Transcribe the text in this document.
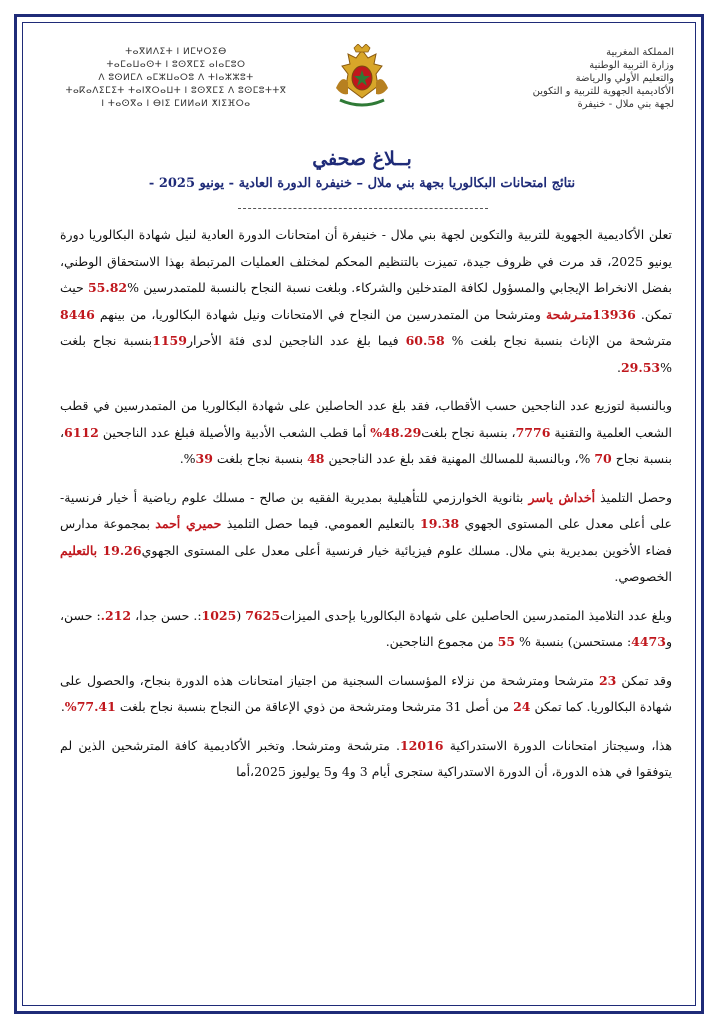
ⵜⴰⴳⵍⴷⵉⵜ ⵏ ⵍⵎⵖⵔⵉⴱ
ⵜⴰⵎⴰⵡⴰⵙⵜ ⵏ ⵓⵙⴳⵎⵉ ⴰⵏⴰⵎⵓⵔ
ⴷ ⵓⵙⵍⵎⴷ ⴰⵎⵣⵡⴰⵔⵓ ⴷ ⵜⵏⴰⵣⵣⵓⵜ
ⵜⴰⴽⴰⴷⵉⵎⵉⵜ ⵜⴰⵏⴳⵔⴰⵡⵜ ⵏ ⵓⵙⴳⵎⵉ ⴷ ⵓⵙⵎⵓⵜⵜⴳ
ⵏ ⵜⴰⵙⴳⴰ ⵏ ⴱⵏⵉ ⵎⵍⵍⴰⵍ ⵅⵏⵉⴼⵔⴰ
المملكة المغربية
وزارة التربية الوطنية
والتعليم الأولي والرياضة
الأكاديمية الجهوية للتربية و التكوين
لجهة بني ملال - خنيفرة
بــلاغ صحفي
نتائج امتحانات البكالوريا بجهة بني ملال – خنيفرة الدورة العادية - يونيو 2025 -

تعلن الأكاديمية الجهوية للتربية والتكوين لجهة بني ملال - خنيفرة أن امتحانات الدورة العادية لنيل شهادة البكالوريا دورة يونيو 2025، قد مرت في ظروف جيدة، تميزت بالتنظيم المحكم لمختلف العمليات المرتبطة بهذا الاستحقاق الوطني، بفضل الانخراط الإيجابي والمسؤول لكافة المتدخلين والشركاء. وبلغت نسبة النجاح بالنسبة للمتمدرسين %55.82 حيث تمكن. 13936متـرشحة ومترشحا من المتمدرسين من النجاح في الامتحانات ونيل شهادة البكالوريا، من بينهم 8446 مترشحة من الإناث بنسبة نجاح بلغت % 60.58 فيما بلغ عدد الناجحين لدى فئة الأحرار1159بنسبة نجاح بلغت %29.53.

وبالنسبة لتوزيع عدد الناجحين حسب الأقطاب، فقد بلغ عدد الحاصلين على شهادة البكالوريا من المتمدرسين في قطب الشعب العلمية والتقنية 7776، بنسبة نجاح بلغت48.29% أما قطب الشعب الأدبية والأصيلة فبلغ عدد الناجحين 6112، بنسبة نجاح 70 %، وبالنسبة للمسالك المهنية فقد بلغ عدد الناجحين 48 بنسبة نجاح بلغت 39%.

وحصل التلميذ أخداش ياسر بثانوية الخوارزمي للتأهيلية بمديرية الفقيه بن صالح - مسلك علوم رياضية أ خيار فرنسية- على أعلى معدل على المستوى الجهوي 19.38 بالتعليم العمومي. فيما حصل التلميذ حميري أحمد بمجموعة مدارس فضاء الأخوين بمديرية بني ملال. مسلك علوم فيزيائية خيار فرنسية أعلى معدل على المستوى الجهوي19.26 بالتعليم الخصوصي.

وبلغ عدد التلاميذ المتمدرسين الحاصلين على شهادة البكالوريا بإحدى الميزات7625 (1025:. حسن جدا، 212.: حسن، و4473: مستحسن) بنسبة % 55 من مجموع الناجحين.

وقد تمكن 23 مترشحا ومترشحة من نزلاء المؤسسات السجنية من اجتياز امتحانات هذه الدورة بنجاح، والحصول على شهادة البكالوريا. كما تمكن 24 من أصل 31 مترشحا ومترشحة من ذوي الإعاقة من النجاح بنسبة نجاح بلغت 77.41%.

هذا، وسيجتاز امتحانات الدورة الاستدراكية 12016. مترشحة ومترشحا. وتخبر الأكاديمية كافة المترشحين الذين لم يتوفقوا في هذه الدورة، أن الدورة الاستدراكية ستجرى أيام 3 و4 و5 يوليوز 2025،أما
